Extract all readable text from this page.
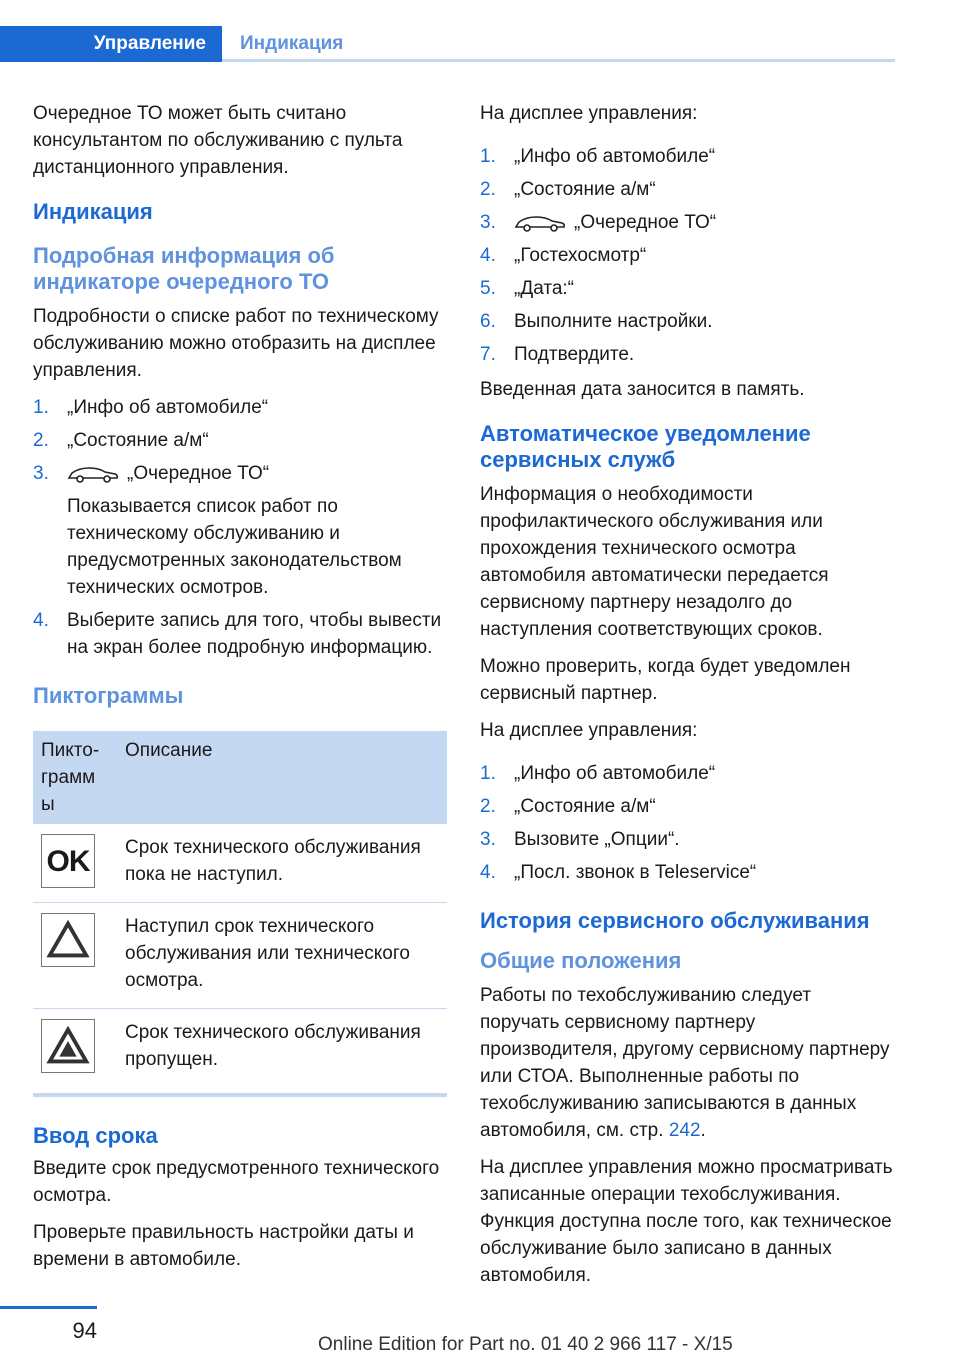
Управление	Индикация

Очередное ТО может быть считано консультантом по обслуживанию с пульта дистанционного управления.

Индикация
Подробная информация об индикаторе очередного ТО

Подробности о списке работ по техническому обслуживанию можно отобразить на дисплее управления.

1. „Инфо об автомобиле“
2. „Состояние а/м“
3.	„Очередное ТО“
Показывается список работ по техническому обслуживанию и предусмотренных законодательством технических осмотров.
4. Выберите запись для того, чтобы вывести на экран более подробную информацию.
Пиктограммы
Пикто-грамм ы	Описание

OK	Срок технического обслуживания пока не наступил.

	Наступил срок технического обслуживания или технического осмотра.

	Срок технического обслуживания пропущен.
Ввод срока

Введите срок предусмотренного технического осмотра.

Проверьте правильность настройки даты и времени в автомобиле.

На дисплее управления:

1. „Инфо об автомобиле“
2. „Состояние а/м“
3.	„Очередное ТО“
4. „Гостехосмотр“
5. „Дата:“
6. Выполните настройки.
7. Подтвердите.

Введенная дата заносится в память.

Автоматическое уведомление сервисных служб

Информация о необходимости профилактического обслуживания или прохождения технического осмотра автомобиля автоматически передается сервисному партнеру незадолго до наступления соответствующих сроков.

Можно проверить, когда будет уведомлен сервисный партнер.

На дисплее управления:

1. „Инфо об автомобиле“
2. „Состояние а/м“
3. Вызовите „Опции“.
4. „Посл. звонок в Teleservice“
История сервисного обслуживания
Общие положения

Работы по техобслуживанию следует поручать сервисному партнеру производителя, другому сервисному партнеру или СТОА. Выполненные работы по техобслуживанию записываются в данных автомобиля, см. стр. 242.

На дисплее управления можно просматривать записанные операции техобслуживания. Функция доступна после того, как техническое обслуживание было записано в данных автомобиля.

94
Online Edition for Part no. 01 40 2 966 117 - X/15
